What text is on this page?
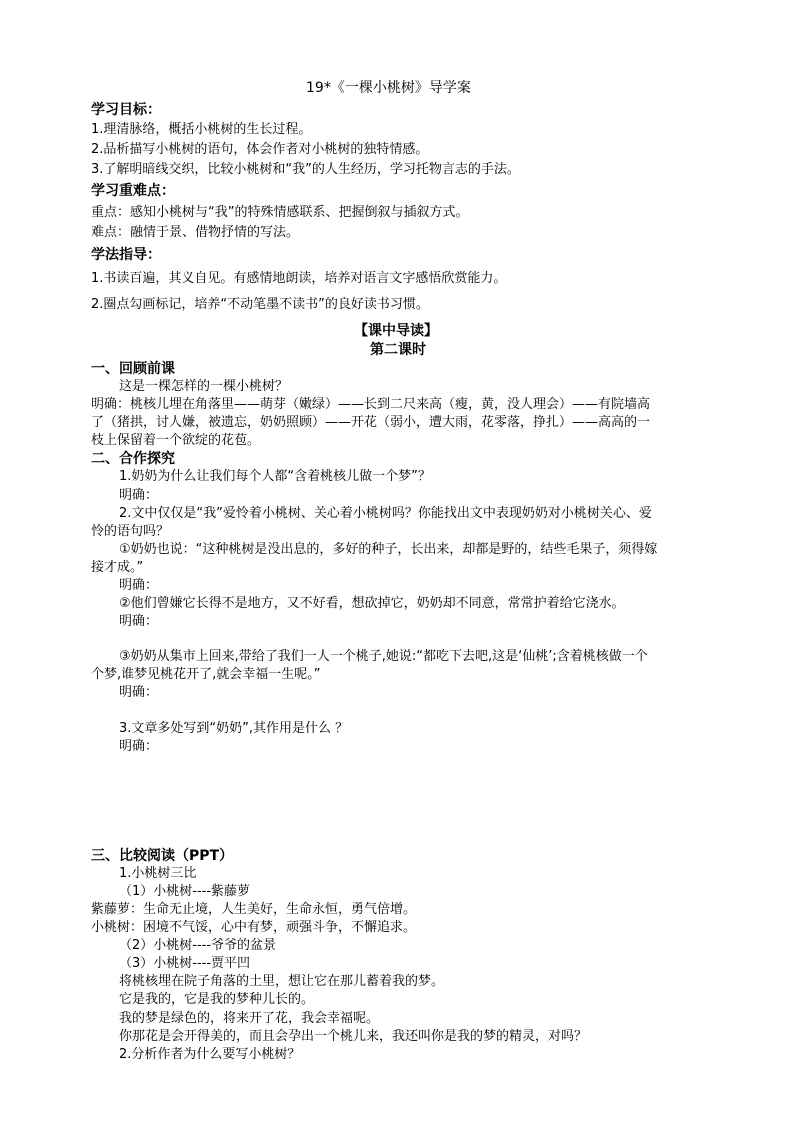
19*《一棵小桃树》导学案
学习目标：
1.理清脉络，概括小桃树的生长过程。
2.品析描写小桃树的语句，体会作者对小桃树的独特情感。
3.了解明暗线交织，比较小桃树和“我”的人生经历，学习托物言志的手法。
学习重难点：
重点：感知小桃树与“我”的特殊情感联系、把握倒叙与插叙方式。
难点：融情于景、借物抒情的写法。
学法指导：
1.书读百遍，其义自见。有感情地朗读，培养对语言文字感悟欣赏能力。
2.圈点勾画标记，培养“不动笔墨不读书”的良好读书习惯。
【课中导读】
第二课时
一、回顾前课
这是一棵怎样的一棵小桃树？
明确：桃核儿埋在角落里——萌芽（嫩绿）——长到二尺来高（瘦，黄，没人理会）——有院墙高
了（猪拱，讨人嫌，被遗忘，奶奶照顾）——开花（弱小，遭大雨，花零落，挣扎）——高高的一
枝上保留着一个欲绽的花苞。
二、合作探究
1.奶奶为什么让我们每个人都“含着桃核儿做一个梦”？
明确：
2.文中仅仅是“我”爱怜着小桃树、关心着小桃树吗？你能找出文中表现奶奶对小桃树关心、爱
怜的语句吗？
①奶奶也说：“这种桃树是没出息的，多好的种子，长出来，却都是野的，结些毛果子，须得嫁
接才成。”
明确：
②他们曾嫌它长得不是地方，又不好看，想砍掉它，奶奶却不同意，常常护着给它浇水。
明确：
③奶奶从集市上回来,带给了我们一人一个桃子,她说:“都吃下去吧,这是‘仙桃’;含着桃核做一个
个梦,谁梦见桃花开了,就会幸福一生呢。”
明确：
3.文章多处写到“奶奶”,其作用是什么 ？
明确：
三、比较阅读（PPT）
1.小桃树三比
（1）小桃树----紫藤萝
紫藤萝：生命无止境，人生美好，生命永恒，勇气倍增。
小桃树：困境不气馁，心中有梦，顽强斗争，不懈追求。
（2）小桃树----爷爷的盆景
（3）小桃树----贾平凹
将桃核埋在院子角落的土里，想让它在那儿蓄着我的梦。
它是我的，它是我的梦种儿长的。
我的梦是绿色的，将来开了花，我会幸福呢。
你那花是会开得美的，而且会孕出一个桃儿来，我还叫你是我的梦的精灵，对吗？
2.分析作者为什么要写小桃树？
